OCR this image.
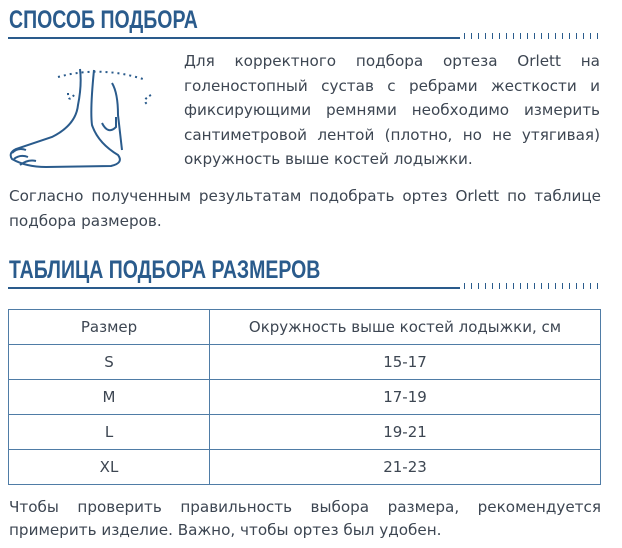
СПОСОБ ПОДБОРА

Для корректного подбора ортеза Orlett на голеностопный сустав с ребрами жесткости и фиксирующими ремнями необходимо измерить сантиметровой лентой (плотно, но не утягивая) окружность выше костей лодыжки.

Согласно полученным результатам подобрать ортез Orlett по таблице подбора размеров.

ТАБЛИЦА ПОДБОРА РАЗМЕРОВ
Размер	Окружность выше костей лодыжки, см
S	15-17
M	17-19
L	19-21
XL	21-23

Чтобы проверить правильность выбора размера, рекомендуется примерить изделие. Важно, чтобы ортез был удобен.
